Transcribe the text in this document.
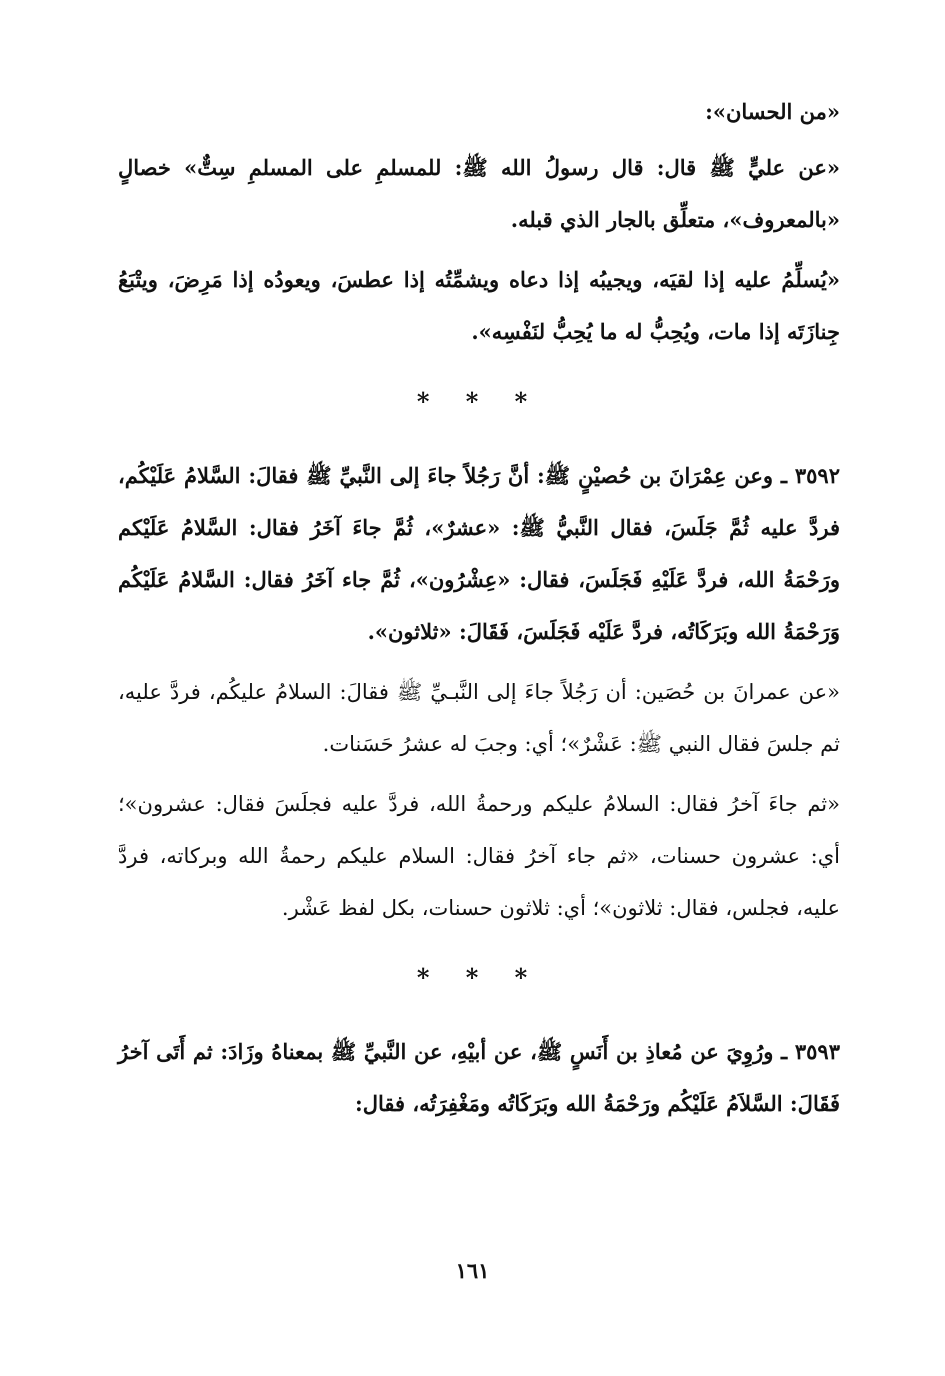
«من الحسان»:

«عن عليٍّ ﷺ قال: قال رسولُ الله ﷺ: للمسلمِ على المسلمِ سِتٌّ» خصالٍ «بالمعروف»، متعلِّق بالجار الذي قبله.

«يُسلِّمُ عليه إذا لقيَه، ويجيبُه إذا دعاه ويشمِّتُه إذا عطسَ، ويعودُه إذا مَرِضَ، ويتْبَعُ جِنازَتَه إذا مات، ويُحِبُّ له ما يُحِبُّ لنَفْسِه».

* * *

٣٥٩٢ ـ وعن عِمْرَانَ بن حُصيْنٍ ﷺ: أنَّ رَجُلاً جاءَ إلى النَّبيِّ ﷺ فقالَ: السَّلامُ عَلَيْكُم، فردَّ عليه ثُمَّ جَلَسَ، فقال النَّبيُّ ﷺ: «عشرٌ»، ثُمَّ جاءَ آخَرُ فقال: السَّلامُ عَلَيْكم ورَحْمَةُ الله، فردَّ عَلَيْهِ فَجَلَسَ، فقال: «عِشْرُون»، ثُمَّ جاء آخَرُ فقال: السَّلامُ عَلَيْكُم وَرَحْمَةُ الله وبَرَكَاتُه، فردَّ عَلَيْه فَجَلَسَ، فَقَالَ: «ثلاثون».

«عن عمرانَ بن حُصَين: أن رَجُلاً جاءَ إلى النَّبـيِّ ﷺ فقالَ: السلامُ عليكُم، فردَّ عليه، ثم جلسَ فقال النبي ﷺ: عَشْرٌ»؛ أي: وجبَ له عشرُ حَسَنات.

«ثم جاءَ آخرُ فقال: السلامُ عليكم ورحمةُ الله، فردَّ عليه فجلَسَ فقال: عشرون»؛ أي: عشرون حسنات، «ثم جاء آخرُ فقال: السلام عليكم رحمةُ الله وبركاته، فردَّ عليه، فجلس، فقال: ثلاثون»؛ أي: ثلاثون حسنات، بكل لفظ عَشْر.

* * *

٣٥٩٣ ـ ورُوِيَ عن مُعاذِ بن أَنَسٍ ﷺ، عن أبيْهِ، عن النَّبيِّ ﷺ بمعناهُ وزَادَ: ثم أَتَى آخرُ فَقَالَ: السَّلاَمُ عَلَيْكُم ورَحْمَةُ الله وبَرَكَاتُه ومَغْفِرَتُه، فقال:

١٦١
